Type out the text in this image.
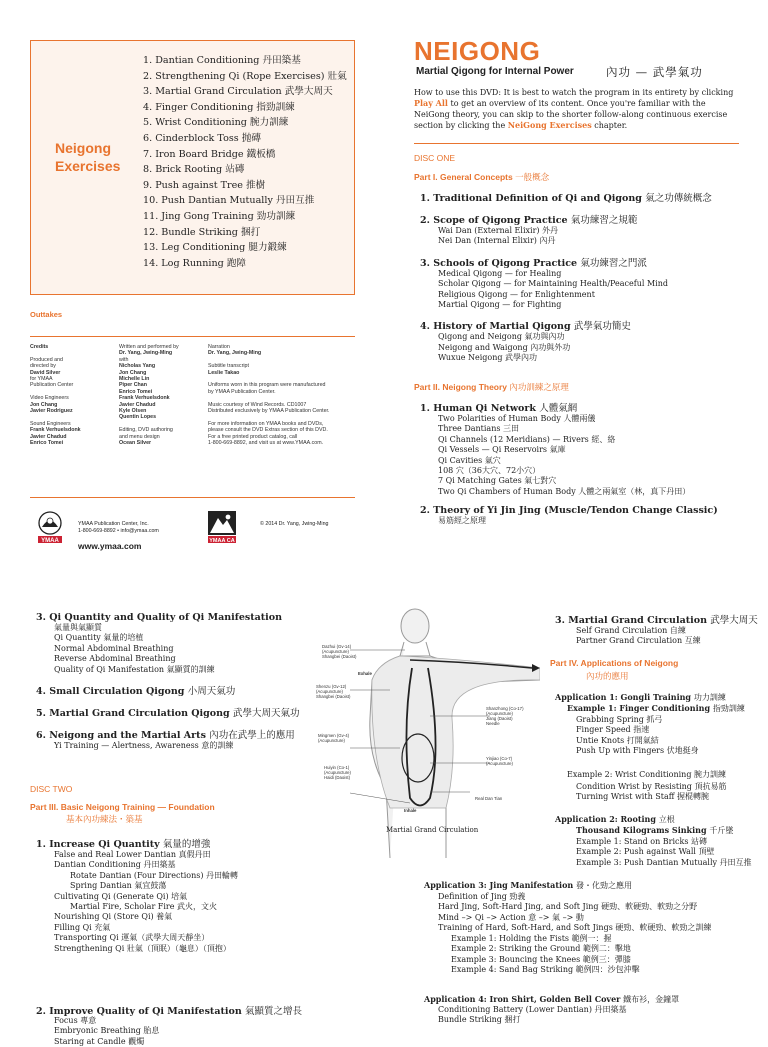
Neigong Exercises
1. Dantian Conditioning 丹田築基
2. Strengthening Qi (Rope Exercises) 壯氣
3. Martial Grand Circulation 武學大周天
4. Finger Conditioning 指勁訓練
5. Wrist Conditioning 腕力訓練
6. Cinderblock Toss 抛磚
7. Iron Board Bridge 鐵板橋
8. Brick Rooting 站磚
9. Push against Tree 推樹
10. Push Dantian Mutually 丹田互推
11. Jing Gong Training 勁功訓練
12. Bundle Striking 捆打
13. Leg Conditioning 腿力鍛練
14. Log Running 跑障
Outtakes
Credits

Produced and
directed by
David Silver
for YMAA
Publication Center

Video Engineers
Jon Chang
Javier Rodriguez

Sound Engineers
Frank Verhuelsdonk
Javier Chadud
Enrico Tomei
Written and performed by
Dr. Yang, Jwing-Ming
with
Nicholas Yang
Jon Chang
Michelle Lin
Piper Chan
Enrico Tomei
Frank Verhuelsdonk
Javier Chadud
Kyle Olsen
Quentin Lopes

Editing, DVD authoring
and menu design
Ocean Silver
Narration
Dr. Yang, Jwing-Ming

Subtitle transcript
Leslie Takao

Uniforms worn in this program were manufactured
by YMAA Publication Center.

Music courtesy of Wind Records. CD1007
Distributed exclusively by YMAA Publication Center.

For more information on YMAA books and DVDs,
please consult the DVD Extras section of this DVD.
For a free printed product catalog, call
1-800-669-8892, and visit us at www.YMAA.com.
YMAA
YMAA Publication Center, Inc.
1-800-669-8892 • info@ymaa.com
www.ymaa.com	YMAA CA
© 2014 Dr. Yang, Jwing-Ming
NEIGONG
Martial Qigong for Internal Power	內功 — 武學氣功
How to use this DVD: It is best to watch the program in its entirety by clicking Play All to get an overview of its content. Once you're familiar with the NeiGong theory, you can skip to the shorter follow-along continuous exercise section by clicking the NeiGong Exercises chapter.
DISC ONE
Part I. General Concepts 一般概念
1. Traditional Definition of Qi and Qigong 氣之功傳統概念
2. Scope of Qigong Practice 氣功練習之規範
Wai Dan (External Elixir) 外丹
Nei Dan (Internal Elixir) 內丹
3. Schools of Qigong Practice 氣功練習之門派
Medical Qigong — for Healing
Scholar Qigong — for Maintaining Health/Peaceful Mind
Religious Qigong — for Enlightenment
Martial Qigong — for Fighting
4. History of Martial Qigong 武學氣功簡史
Qigong and Neigong 氣功與內功
Neigong and Waigong 內功與外功
Wuxue Neigong 武學內功
Part II. Neigong Theory 內功訓練之原理
1. Human Qi Network 人體氣網
Two Polarities of Human Body 人體兩儀
Three Dantians 三田
Qi Channels (12 Meridians) — Rivers 經、絡
Qi Vessels — Qi Reservoirs 氣庫
Qi Cavities 氣穴
108 穴（36大穴、72小穴）
7 Qi Matching Gates 氣七對穴
Two Qi Chambers of Human Body 人體之兩氣室（林，真下丹田）
2. Theory of Yi Jin Jing (Muscle/Tendon Change Classic)
易筋經之原理
3. Qi Quantity and Quality of Qi Manifestation
氣量與氣顯質
Qi Quantity 氣量的培植
Normal Abdominal Breathing
Reverse Abdominal Breathing
Quality of Qi Manifestation 氣顯質的訓練
4. Small Circulation Qigong 小周天氣功
5. Martial Grand Circulation Qigong 武學大周天氣功
6. Neigong and the Martial Arts 內功在武學上的應用
Yi Training — Alertness, Awareness 意的訓練
DISC TWO
Part III. Basic Neigong Training — Foundation
基本內功練法・築基
1. Increase Qi Quantity 氣量的增強
False and Real Lower Dantian 真假丹田
Dantian Conditioning 丹田築基
Rotate Dantian (Four Directions) 丹田輪轉
Spring Dantian 氣宜鼓蕩
Cultivating Qi (Generate Qi) 培氣
Martial Fire, Scholar Fire 武火，文火
Nourishing Qi (Store Qi) 養氣
Filling Qi 充氣
Transporting Qi 運氣（武學大周天靜坐）
Strengthening Qi 壯氣（頂眠）（龜息）（頂抱）
2. Improve Quality of Qi Manifestation 氣顯質之增長
Focus 專意
Embryonic Breathing 胎息
Staring at Candle 觀燭
Dazhui (Gv-14)
(Acupuncture)
Shangbei (Daoist)
Exhale
Shenzu (Gv-12)
(Acupuncture)
Shangbei (Daoist)
Mingmen (Gv-4)
(Acupuncture)
Huiyin (Co-1)
(Acupuncture)
Haidi (Daoist)
Shanzhong (Co-17)
(Acupuncture)
Jiang (Daoist)
Needle
Yinjiao (Co-7)
(Acupuncture)
Real Dan Tian
Inhale
Martial Grand Circulation
3. Martial Grand Circulation 武學大周天
Self Grand Circulation 自練
Partner Grand Circulation 互練
Part IV. Applications of Neigong
內功的應用
Application 1: Gongli Training 功力訓練
Example 1: Finger Conditioning 指勁訓練
Grabbing Spring 抓弓
Finger Speed 指速
Untie Knots 打開氣結
Push Up with Fingers 伏地挺身
Example 2: Wrist Conditioning 腕力訓練
Condition Wrist by Resisting 頂抗易筋
Turning Wrist with Staff 握棍轉腕
Application 2: Rooting 立根
Thousand Kilograms Sinking 千斤墜
Example 1: Stand on Bricks 站磚
Example 2: Push against Wall 頂壁
Example 3: Push Dantian Mutually 丹田互推
Application 3: Jing Manifestation 發・化勁之應用
Definition of Jing 勁義
Hard Jing, Soft-Hard Jing, and Soft Jing 硬勁、軟硬勁、軟勁之分野
Mind –> Qi –> Action 意 –> 氣 –> 動
Training of Hard, Soft-Hard, and Soft Jings 硬勁、軟硬勁、軟勁之訓練
Example 1: Holding the Fists 範例一：握
Example 2: Striking the Ground 範例二：擊地
Example 3: Bouncing the Knees 範例三：彈膝
Example 4: Sand Bag Striking 範例四：沙包沖擊
Application 4: Iron Shirt, Golden Bell Cover 鐵布衫，金鐘罩
Conditioning Battery (Lower Dantian) 丹田築基
Bundle Striking 捆打
